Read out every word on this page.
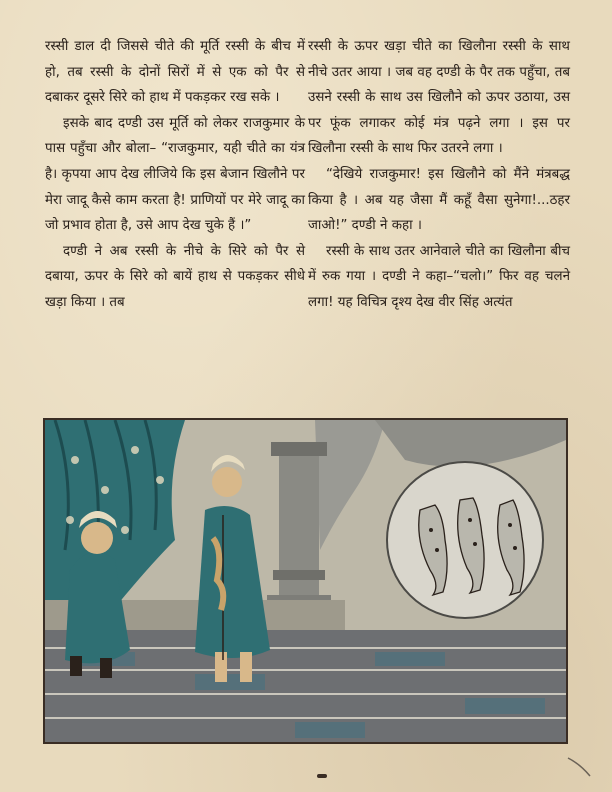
रस्सी डाल दी जिससे चीते की मूर्ति रस्सी के बीच में हो, तब रस्सी के दोनों सिरों में से एक को पैर से दबाकर दूसरे सिरे को हाथ में पकड़कर रख सके ।

इसके बाद दण्डी उस मूर्ति को लेकर राजकुमार के पास पहुँचा और बोला– “राजकुमार, यही चीते का यंत्र है। कृपया आप देख लीजिये कि इस बेजान खिलौने पर मेरा जादू कैसे काम करता है! प्राणियों पर मेरे जादू का जो प्रभाव होता है, उसे आप देख चुके हैं ।”

दण्डी ने अब रस्सी के नीचे के सिरे को पैर से दबाया, ऊपर के सिरे को बायें हाथ से पकड़कर सीधे खड़ा किया । तब

रस्सी के ऊपर खड़ा चीते का खिलौना रस्सी के साथ नीचे उतर आया । जब वह दण्डी के पैर तक पहुँचा, तब उसने रस्सी के साथ उस खिलौने को ऊपर उठाया, उस पर फूंक लगाकर कोई मंत्र पढ़ने लगा । इस पर खिलौना रस्सी के साथ फिर उतरने लगा ।

“देखिये राजकुमार! इस खिलौने को मैंने मंत्रबद्ध किया है । अब यह जैसा मैं कहूँ वैसा सुनेगा!...ठहर जाओ!” दण्डी ने कहा ।

रस्सी के साथ उतर आनेवाले चीते का खिलौना बीच में रुक गया । दण्डी ने कहा–“चलो।” फिर वह चलने लगा! यह विचित्र दृश्य देख वीर सिंह अत्यंत
